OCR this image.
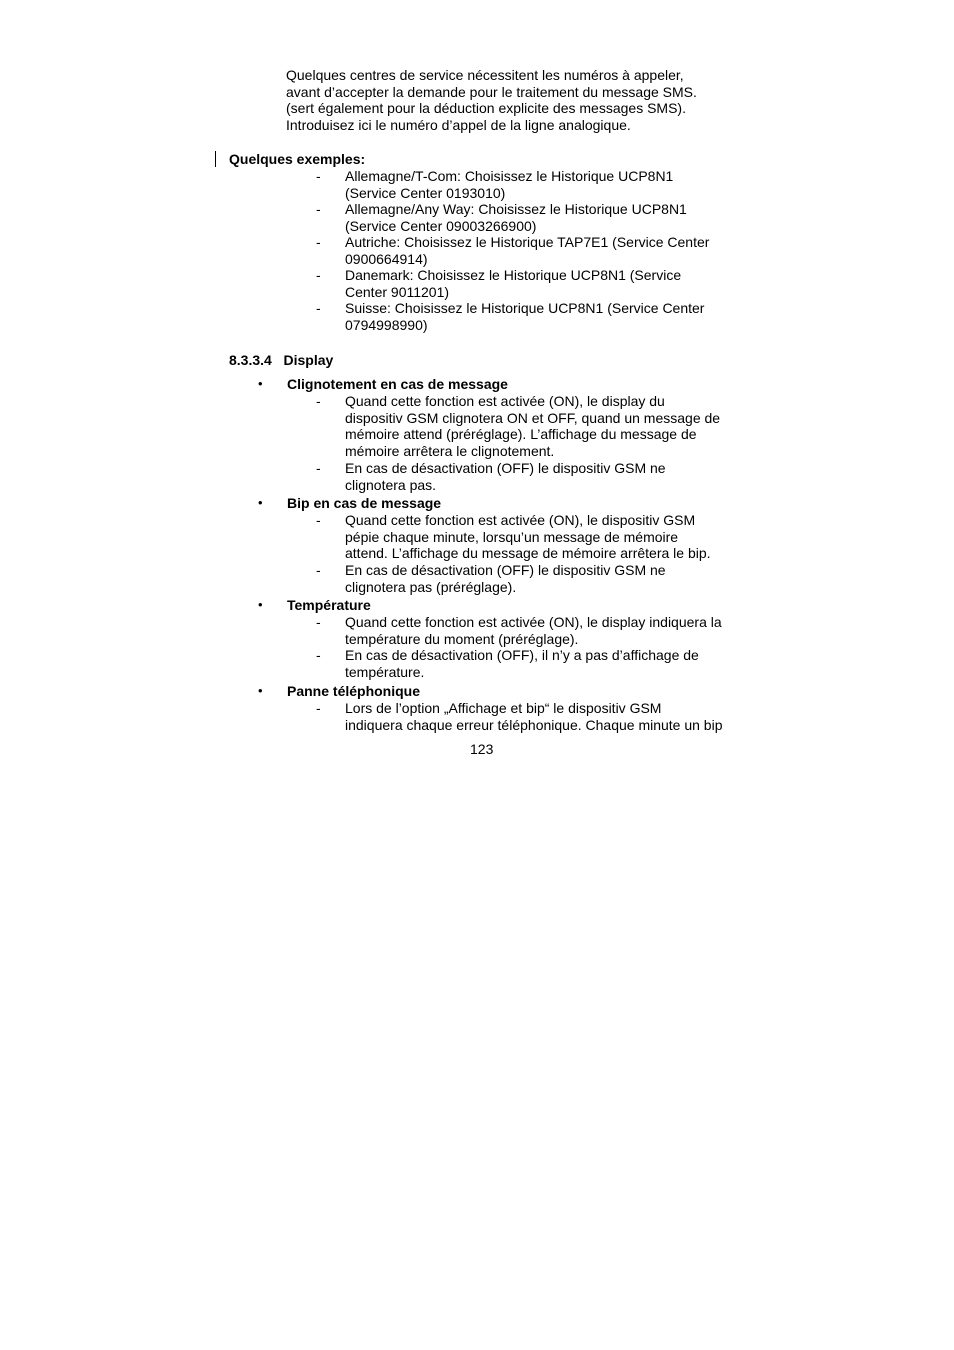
Quelques centres de service nécessitent les numéros à appeler,
avant d’accepter la demande pour le traitement du message SMS.
(sert également pour la déduction explicite des messages SMS).
Introduisez ici le numéro d’appel de la ligne analogique.
Quelques exemples:
- Allemagne/T-Com: Choisissez le Historique UCP8N1
(Service Center 0193010)
- Allemagne/Any Way: Choisissez le Historique UCP8N1
(Service Center 09003266900)
- Autriche: Choisissez le Historique TAP7E1 (Service Center
0900664914)
- Danemark: Choisissez le Historique UCP8N1 (Service
Center 9011201)
- Suisse: Choisissez le Historique UCP8N1 (Service Center
0794998990)
8.3.3.4 Display
• Clignotement en cas de message
- Quand cette fonction est activée (ON), le display du
dispositiv GSM clignotera ON et OFF, quand un message de
mémoire attend (préréglage). L’affichage du message de
mémoire arrêtera le clignotement.
- En cas de désactivation (OFF) le dispositiv GSM ne
clignotera pas.
• Bip en cas de message
- Quand cette fonction est activée (ON), le dispositiv GSM
pépie chaque minute, lorsqu’un message de mémoire
attend. L’affichage du message de mémoire arrêtera le bip.
- En cas de désactivation (OFF) le dispositiv GSM ne
clignotera pas (préréglage).
• Température
- Quand cette fonction est activée (ON), le display indiquera la
température du moment (préréglage).
- En cas de désactivation (OFF), il n’y a pas d’affichage de
température.
• Panne téléphonique
- Lors de l’option „Affichage et bip“ le dispositiv GSM
indiquera chaque erreur téléphonique. Chaque minute un bip
123
